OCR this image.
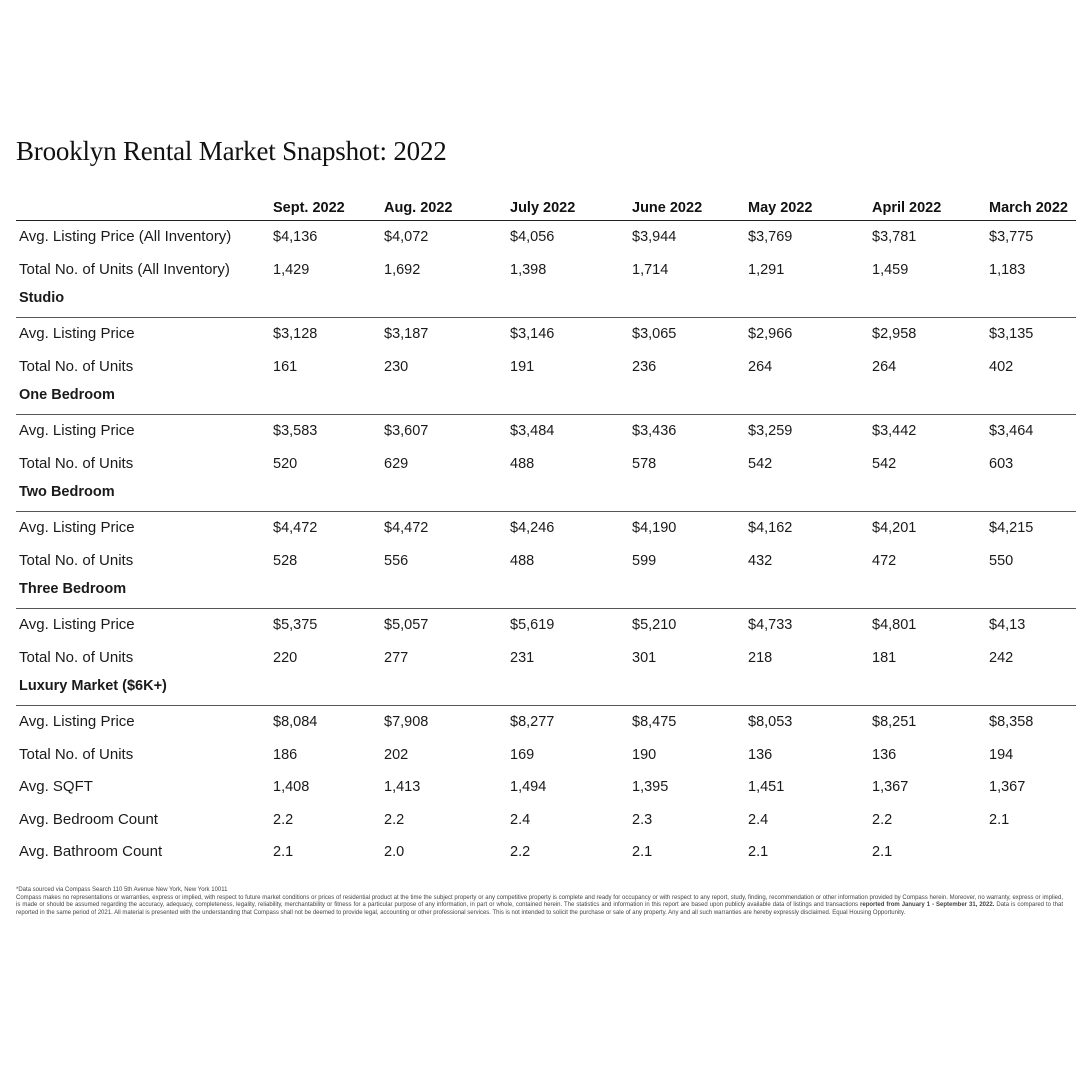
Brooklyn Rental Market Snapshot: 2022
Sept. 2022	Aug. 2022	July 2022	June 2022	May 2022	April 2022	March 2022
Avg. Listing Price (All Inventory)	$4,136	$4,072	$4,056	$3,944	$3,769	$3,781	$3,775
Total No. of Units (All Inventory)	1,429	1,692	1,398	1,714	1,291	1,459	1,183
Studio
Avg. Listing Price	$3,128	$3,187	$3,146	$3,065	$2,966	$2,958	$3,135
Total No. of Units	161	230	191	236	264	264	402
One Bedroom
Avg. Listing Price	$3,583	$3,607	$3,484	$3,436	$3,259	$3,442	$3,464
Total No. of Units	520	629	488	578	542	542	603
Two Bedroom
Avg. Listing Price	$4,472	$4,472	$4,246	$4,190	$4,162	$4,201	$4,215
Total No. of Units	528	556	488	599	432	472	550
Three Bedroom
Avg. Listing Price	$5,375	$5,057	$5,619	$5,210	$4,733	$4,801	$4,13
Total No. of Units	220	277	231	301	218	181	242
Luxury Market ($6K+)
Avg. Listing Price	$8,084	$7,908	$8,277	$8,475	$8,053	$8,251	$8,358
Total No. of Units	186	202	169	190	136	136	194
Avg. SQFT	1,408	1,413	1,494	1,395	1,451	1,367	1,367
Avg. Bedroom Count	2.2	2.2	2.4	2.3	2.4	2.2	2.1
Avg. Bathroom Count	2.1	2.0	2.2	2.1	2.1	2.1
*Data sourced via Compass Search 110 5th Avenue New York, New York 10011
Compass makes no representations or warranties, express or implied, with respect to future market conditions or prices of residential product at the time the subject property or any competitive property is complete and ready for occupancy or with respect to any report, study, finding, recommendation or other information provided by Compass herein. Moreover, no warranty, express or implied, is made or should be assumed regarding the accuracy, adequacy, completeness, legality, reliability, merchantability or fitness for a particular purpose of any information, in part or whole, contained herein. The statistics and information in this report are based upon publicly available data of listings and transactions reported from January 1 - September 31, 2022. Data is compared to that reported in the same period of 2021. All material is presented with the understanding that Compass shall not be deemed to provide legal, accounting or other professional services. This is not intended to solicit the purchase or sale of any property. Any and all such warranties are hereby expressly disclaimed. Equal Housing Opportunity.
